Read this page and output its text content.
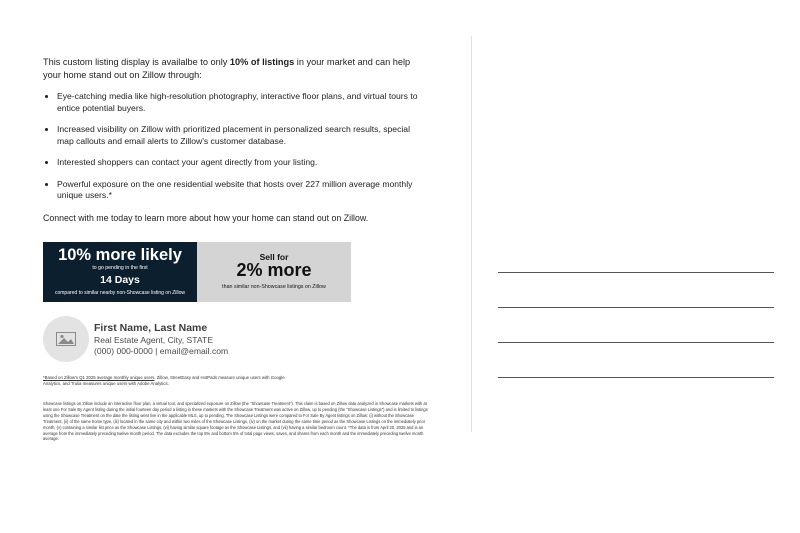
This custom listing display is availalbe to only 10% of listings in your market and can help your home stand out on Zillow through:

• Eye-catching media like high-resolution photography, interactive floor plans, and virtual tours to entice potential buyers.
• Increased visibility on Zillow with prioritized placement in personalized search results, special map callouts and email alerts to Zillow's customer database.
• Interested shoppers can contact your agent directly from your listing.
• Powerful exposure on the one residential website that hosts over 227 million average monthly unique users.*

Connect with me today to learn more about how your home can stand out on Zillow.

10% more likely
to go pending in the first
14 Days
compared to similar nearby non-Showcase listing on Zillow
Sell for
2% more
than similar non-Showcase listings on Zillow
First Name, Last Name
Real Estate Agent, City, STATE
(000) 000-0000 | email@email.com
*Based on Zillow's Q1 2025 average monthly unique users. Zillow, StreetEasy and HotPads measure unique users with Google Analytics, and Trulia measures unique users with Adobe Analytics.
Showcase listings on Zillow include an interactive floor plan, a virtual tour, and specialized exposure on Zillow (the "Showcase Treatment"). This claim is based on Zillow data analyzed in Showcase markets with at least one For Sale By Agent listing during the initial fourteen day period a listing in these markets with the Showcase Treatment was active on Zillow, up to pending (the "Showcase Listings") and is limited to listings using the Showcase Treatment on the date the listing went live in the applicable MLS, up to pending. The Showcase Listings were compared to For Sale By Agent listings on Zillow: (i) without the Showcase Treatment, (ii) of the same home type, (iii) located in the same city and within two miles of the Showcase Listings, (iv) on the market during the same time period as the Showcase Listings on the immediately prior month, (v) containing a similar list price as the Showcase Listings, (vi) having similar square footage as the Showcase Listings, and (vii) having a similar bedroom count. *The data is from April 20, 2025 and is an average from the immediately preceding twelve month period. The data excludes the top 5% and bottom 5% of total page views, saves, and shares from each month and the immediately preceding twelve month average.
